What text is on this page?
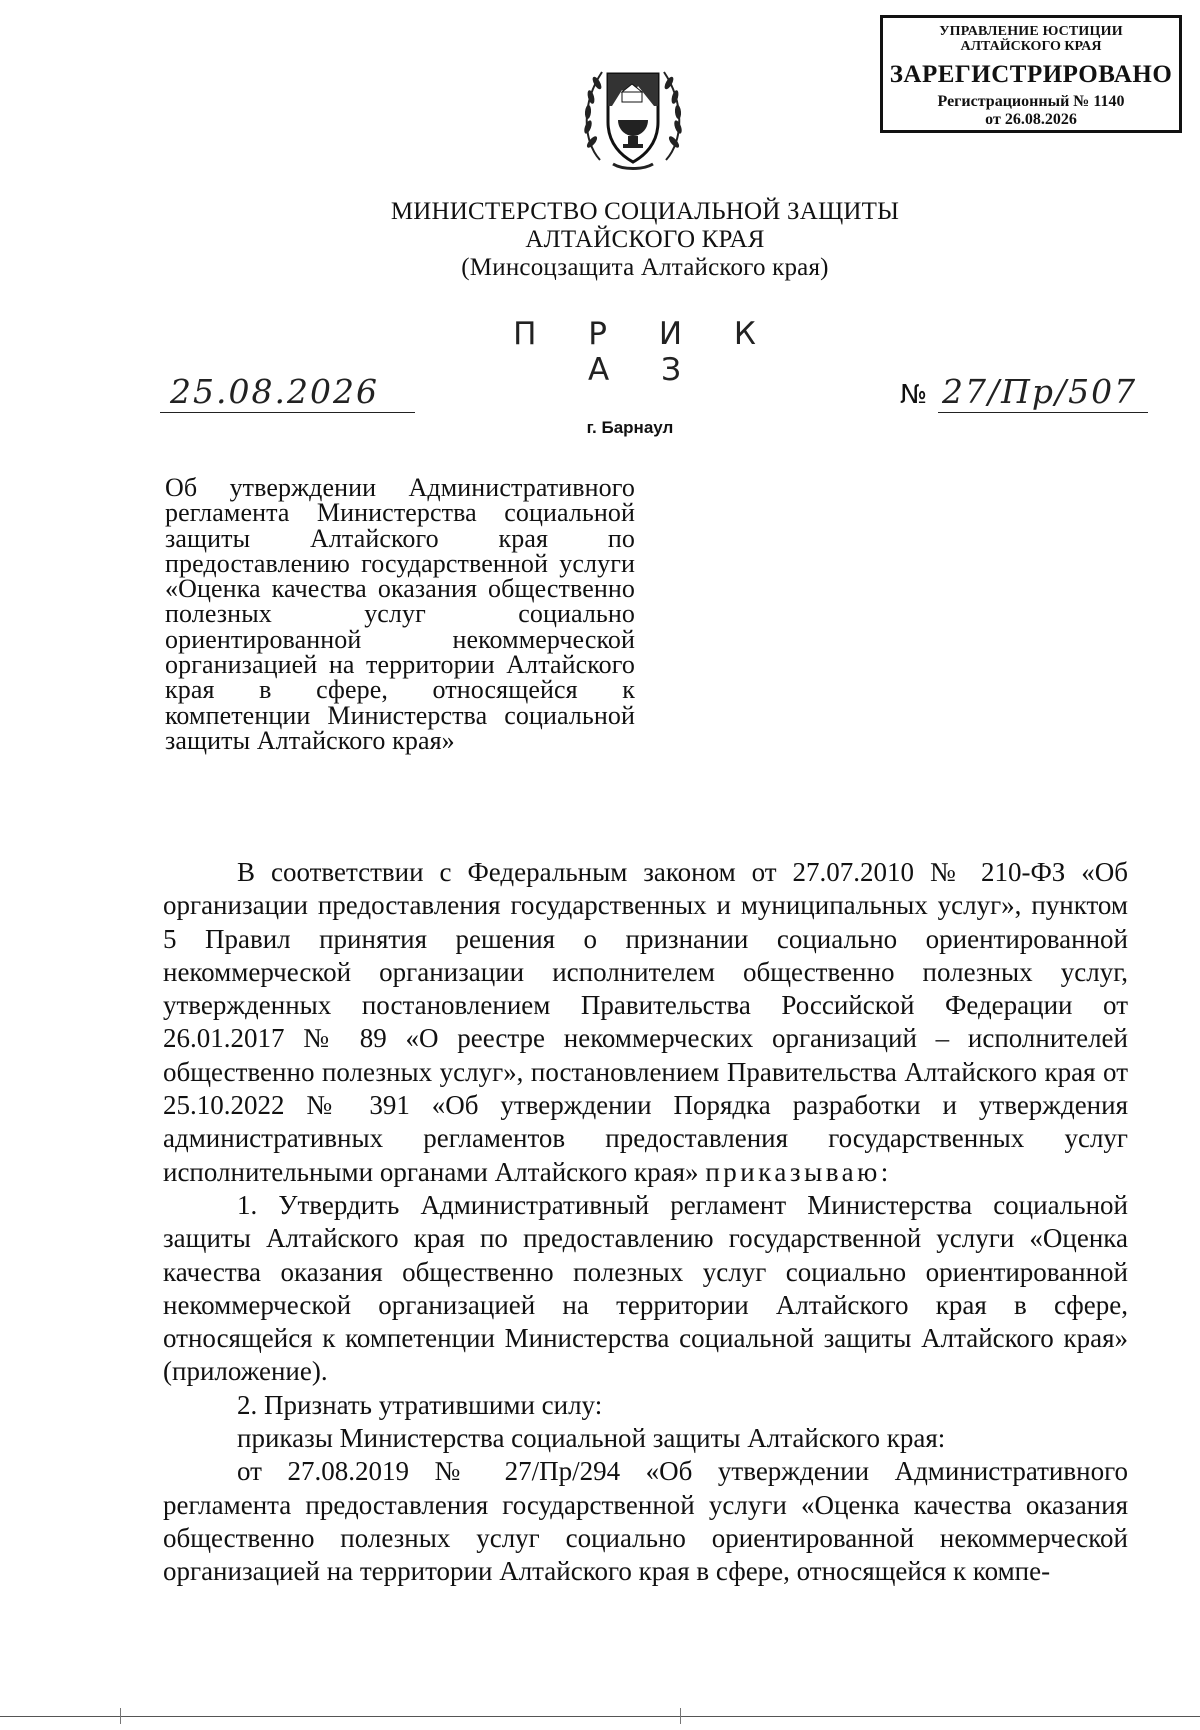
УПРАВЛЕНИЕ ЮСТИЦИИ
АЛТАЙСКОГО КРАЯ
ЗАРЕГИСТРИРОВАНО
Регистрационный № 1140
от 26.08.2026
МИНИСТЕРСТВО СОЦИАЛЬНОЙ ЗАЩИТЫ
АЛТАЙСКОГО КРАЯ
(Минсоцзащита Алтайского края)
П Р И К А З
25.08.2026	№ 27/Пр/507
г. Барнаул
Об утверждении Административного регламента Министерства социальной защиты Алтайского края по предоставлению государственной услуги «Оценка качества оказания общественно полезных услуг социально ориентированной некоммерческой организацией на территории Алтайского края в сфере, относящейся к компетенции Министерства социальной защиты Алтайского края»

В соответствии с Федеральным законом от 27.07.2010 № 210-ФЗ «Об организации предоставления государственных и муниципальных услуг», пунктом 5 Правил принятия решения о признании социально ориентированной некоммерческой организации исполнителем общественно полезных услуг, утвержденных постановлением Правительства Российской Федерации от 26.01.2017 № 89 «О реестре некоммерческих организаций – исполнителей общественно полезных услуг», постановлением Правительства Алтайского края от 25.10.2022 № 391 «Об утверждении Порядка разработки и утверждения административных регламентов предоставления государственных услуг исполнительными органами Алтайского края» приказываю:

1. Утвердить Административный регламент Министерства социальной защиты Алтайского края по предоставлению государственной услуги «Оценка качества оказания общественно полезных услуг социально ориентированной некоммерческой организацией на территории Алтайского края в сфере, относящейся к компетенции Министерства социальной защиты Алтайского края» (приложение).

2. Признать утратившими силу:

приказы Министерства социальной защиты Алтайского края:

от 27.08.2019 № 27/Пр/294 «Об утверждении Административного регламента предоставления государственной услуги «Оценка качества оказания общественно полезных услуг социально ориентированной некоммерческой организацией на территории Алтайского края в сфере, относящейся к компе-
